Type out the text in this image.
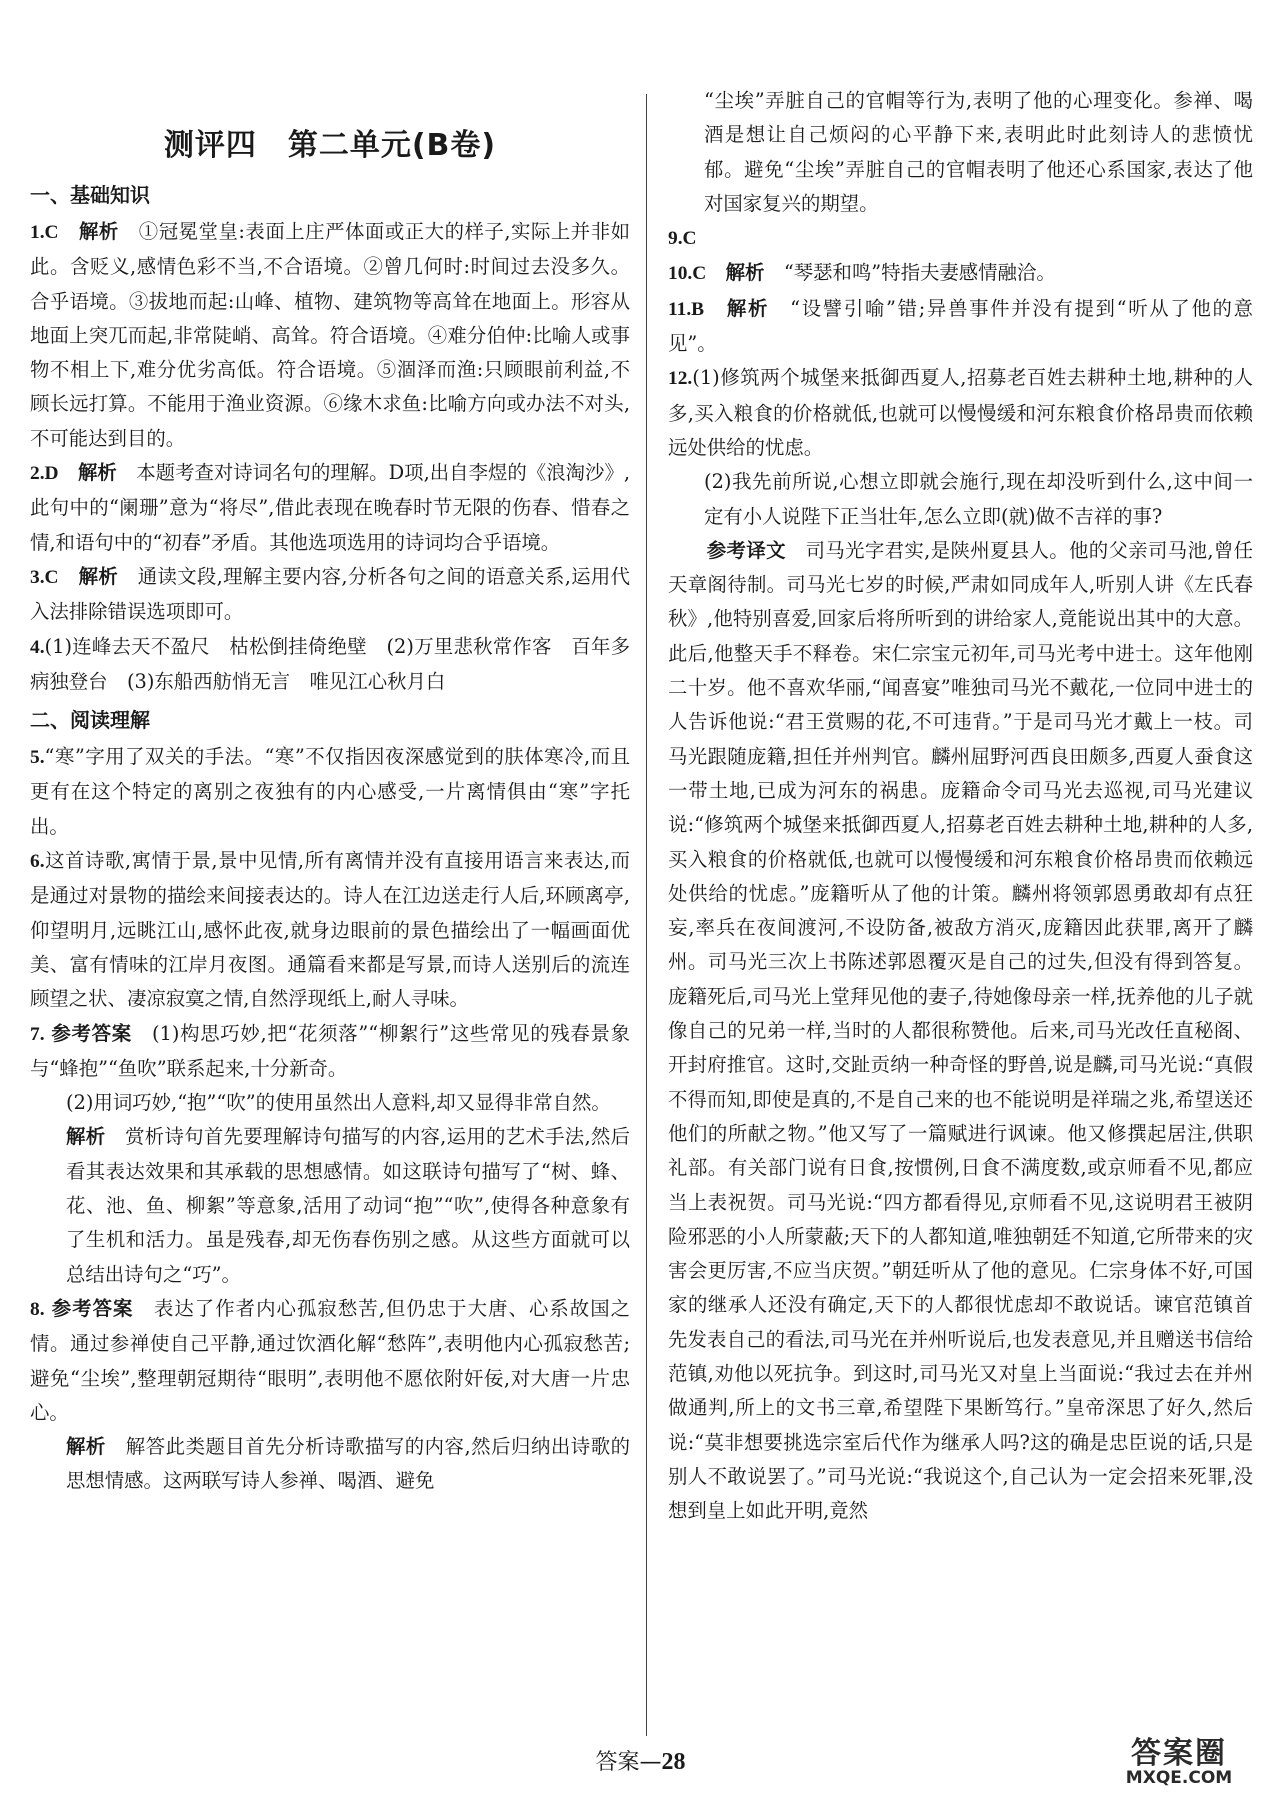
测评四　第二单元(B卷)
一、基础知识

1.C　 解析　 ①冠冕堂皇:表面上庄严体面或正大的样子,实际上并非如此。含贬义,感情色彩不当,不合语境。②曾几何时:时间过去没多久。合乎语境。③拔地而起:山峰、植物、建筑物等高耸在地面上。形容从地面上突兀而起,非常陡峭、高耸。符合语境。④难分伯仲:比喻人或事物不相上下,难分优劣高低。符合语境。⑤涸泽而渔:只顾眼前利益,不顾长远打算。不能用于渔业资源。⑥缘木求鱼:比喻方向或办法不对头,不可能达到目的。

2.D　 解析　 本题考查对诗词名句的理解。D项,出自李煜的《浪淘沙》,此句中的“阑珊”意为“将尽”,借此表现在晚春时节无限的伤春、惜春之情,和语句中的“初春”矛盾。其他选项选用的诗词均合乎语境。

3.C　 解析　 通读文段,理解主要内容,分析各句之间的语意关系,运用代入法排除错误选项即可。

4.(1)连峰去天不盈尺　枯松倒挂倚绝壁　(2)万里悲秋常作客　百年多病独登台　(3)东船西舫悄无言　唯见江心秋月白

二、阅读理解

5.“寒”字用了双关的手法。“寒”不仅指因夜深感觉到的肤体寒冷,而且更有在这个特定的离别之夜独有的内心感受,一片离情俱由“寒”字托出。

6.这首诗歌,寓情于景,景中见情,所有离情并没有直接用语言来表达,而是通过对景物的描绘来间接表达的。诗人在江边送走行人后,环顾离亭,仰望明月,远眺江山,感怀此夜,就身边眼前的景色描绘出了一幅画面优美、富有情味的江岸月夜图。通篇看来都是写景,而诗人送别后的流连顾望之状、凄凉寂寞之情,自然浮现纸上,耐人寻味。

7. 参考答案　 (1)构思巧妙,把“花须落”“柳絮行”这些常见的残春景象与“蜂抱”“鱼吹”联系起来,十分新奇。

(2)用词巧妙,“抱”“吹”的使用虽然出人意料,却又显得非常自然。

解析　 赏析诗句首先要理解诗句描写的内容,运用的艺术手法,然后看其表达效果和其承载的思想感情。如这联诗句描写了“树、蜂、花、池、鱼、柳絮”等意象,活用了动词“抱”“吹”,使得各种意象有了生机和活力。虽是残春,却无伤春伤别之感。从这些方面就可以总结出诗句之“巧”。

8. 参考答案　 表达了作者内心孤寂愁苦,但仍忠于大唐、心系故国之情。通过参禅使自己平静,通过饮酒化解“愁阵”,表明他内心孤寂愁苦;避免“尘埃”,整理朝冠期待“眼明”,表明他不愿依附奸佞,对大唐一片忠心。

解析　 解答此类题目首先分析诗歌描写的内容,然后归纳出诗歌的思想情感。这两联写诗人参禅、喝酒、避免

“尘埃”弄脏自己的官帽等行为,表明了他的心理变化。参禅、喝酒是想让自己烦闷的心平静下来,表明此时此刻诗人的悲愤忧郁。避免“尘埃”弄脏自己的官帽表明了他还心系国家,表达了他对国家复兴的期望。

9.C

10.C　 解析　 “琴瑟和鸣”特指夫妻感情融洽。

11.B　 解析　 “设譬引喻”错;异兽事件并没有提到“听从了他的意见”。

12.(1)修筑两个城堡来抵御西夏人,招募老百姓去耕种土地,耕种的人多,买入粮食的价格就低,也就可以慢慢缓和河东粮食价格昂贵而依赖远处供给的忧虑。

(2)我先前所说,心想立即就会施行,现在却没听到什么,这中间一定有小人说陛下正当壮年,怎么立即(就)做不吉祥的事?

参考译文　 司马光字君实,是陕州夏县人。他的父亲司马池,曾任天章阁待制。司马光七岁的时候,严肃如同成年人,听别人讲《左氏春秋》,他特别喜爱,回家后将所听到的讲给家人,竟能说出其中的大意。此后,他整天手不释卷。宋仁宗宝元初年,司马光考中进士。这年他刚二十岁。他不喜欢华丽,“闻喜宴”唯独司马光不戴花,一位同中进士的人告诉他说:“君王赏赐的花,不可违背。”于是司马光才戴上一枝。司马光跟随庞籍,担任并州判官。麟州屈野河西良田颇多,西夏人蚕食这一带土地,已成为河东的祸患。庞籍命令司马光去巡视,司马光建议说:“修筑两个城堡来抵御西夏人,招募老百姓去耕种土地,耕种的人多,买入粮食的价格就低,也就可以慢慢缓和河东粮食价格昂贵而依赖远处供给的忧虑。”庞籍听从了他的计策。麟州将领郭恩勇敢却有点狂妄,率兵在夜间渡河,不设防备,被敌方消灭,庞籍因此获罪,离开了麟州。司马光三次上书陈述郭恩覆灭是自己的过失,但没有得到答复。庞籍死后,司马光上堂拜见他的妻子,待她像母亲一样,抚养他的儿子就像自己的兄弟一样,当时的人都很称赞他。后来,司马光改任直秘阁、开封府推官。这时,交趾贡纳一种奇怪的野兽,说是麟,司马光说:“真假不得而知,即使是真的,不是自己来的也不能说明是祥瑞之兆,希望送还他们的所献之物。”他又写了一篇赋进行讽谏。他又修撰起居注,供职礼部。有关部门说有日食,按惯例,日食不满度数,或京师看不见,都应当上表祝贺。司马光说:“四方都看得见,京师看不见,这说明君王被阴险邪恶的小人所蒙蔽;天下的人都知道,唯独朝廷不知道,它所带来的灾害会更厉害,不应当庆贺。”朝廷听从了他的意见。仁宗身体不好,可国家的继承人还没有确定,天下的人都很忧虑却不敢说话。谏官范镇首先发表自己的看法,司马光在并州听说后,也发表意见,并且赠送书信给范镇,劝他以死抗争。到这时,司马光又对皇上当面说:“我过去在并州做通判,所上的文书三章,希望陛下果断笃行。”皇帝深思了好久,然后说:“莫非想要挑选宗室后代作为继承人吗?这的确是忠臣说的话,只是别人不敢说罢了。”司马光说:“我说这个,自己认为一定会招来死罪,没想到皇上如此开明,竟然

答案—28	答案圈
MXQE.COM
